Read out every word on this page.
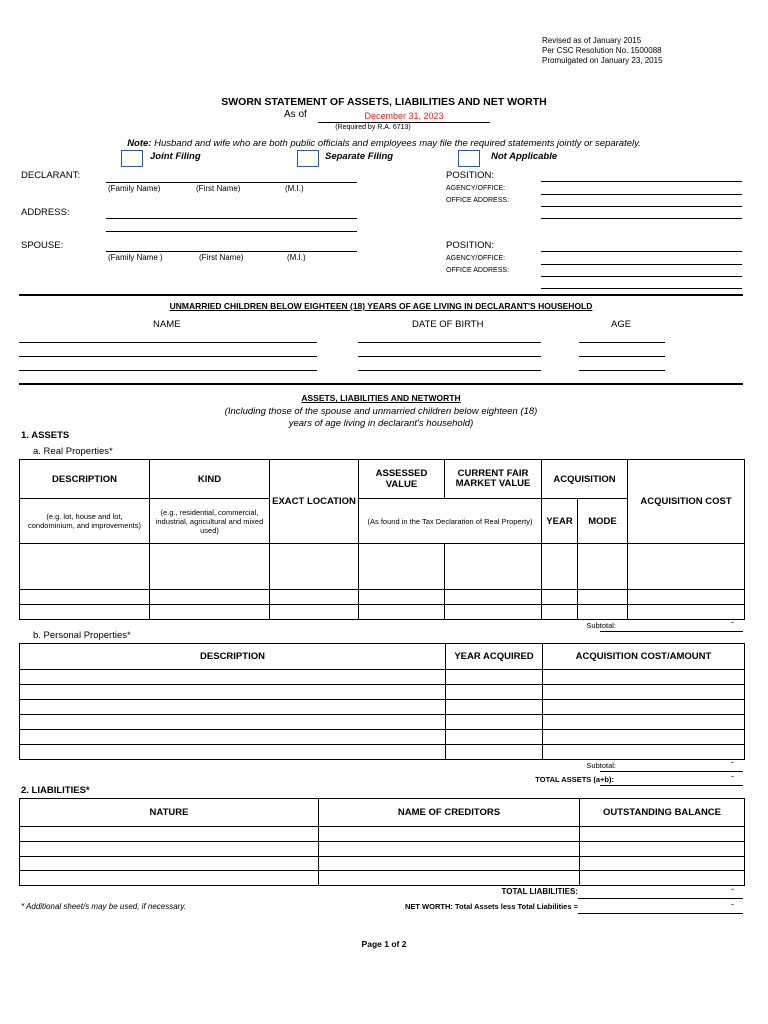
Revised as of January 2015
Per CSC Resolution No. 1500088
Promulgated on January 23, 2015
SWORN STATEMENT OF ASSETS, LIABILITIES AND NET WORTH
As of	December 31, 2023
(Required by R.A. 6713)
Note: Husband and wife who are both public officials and employees may file the required statements jointly or separately.
Joint Filing	Separate Filing	Not Applicable
DECLARANT:
(Family Name)	(First Name)	(M.I.)
POSITION:
AGENCY/OFFICE:
OFFICE ADDRESS:
ADDRESS:
SPOUSE:
(Family Name )	(First Name)	(M.I.)
POSITION:
AGENCY/OFFICE:
OFFICE ADDRESS:
UNMARRIED CHILDREN BELOW EIGHTEEN (18) YEARS OF AGE LIVING IN DECLARANT'S HOUSEHOLD
NAME	DATE OF BIRTH	AGE
ASSETS, LIABILITIES AND NETWORTH
(Including those of the spouse and unmarried children below eighteen (18)
years of age living in declarant's household)
1. ASSETS
a. Real Properties*
DESCRIPTION	KIND	EXACT LOCATION	ASSESSED VALUE	CURRENT FAIR MARKET VALUE	ACQUISITION		ACQUISITION COST
(e.g. lot, house and lot, condominium, and improvements)	(e.g., residential, commercial, industrial, agricultural and mixed used)		(As found in the Tax Declaration of Real Property)		YEAR	MODE	

Subtotal:	-
b. Personal Properties*
DESCRIPTION	YEAR ACQUIRED	ACQUISITION COST/AMOUNT

Subtotal:	-
TOTAL ASSETS (a+b):	-
2. LIABILITIES*
NATURE	NAME OF CREDITORS	OUTSTANDING BALANCE

TOTAL LIABILITIES:	-
* Additional sheet/s may be used, if necessary.	NET WORTH: Total Assets less Total Liabilities =	-
Page 1 of 2
